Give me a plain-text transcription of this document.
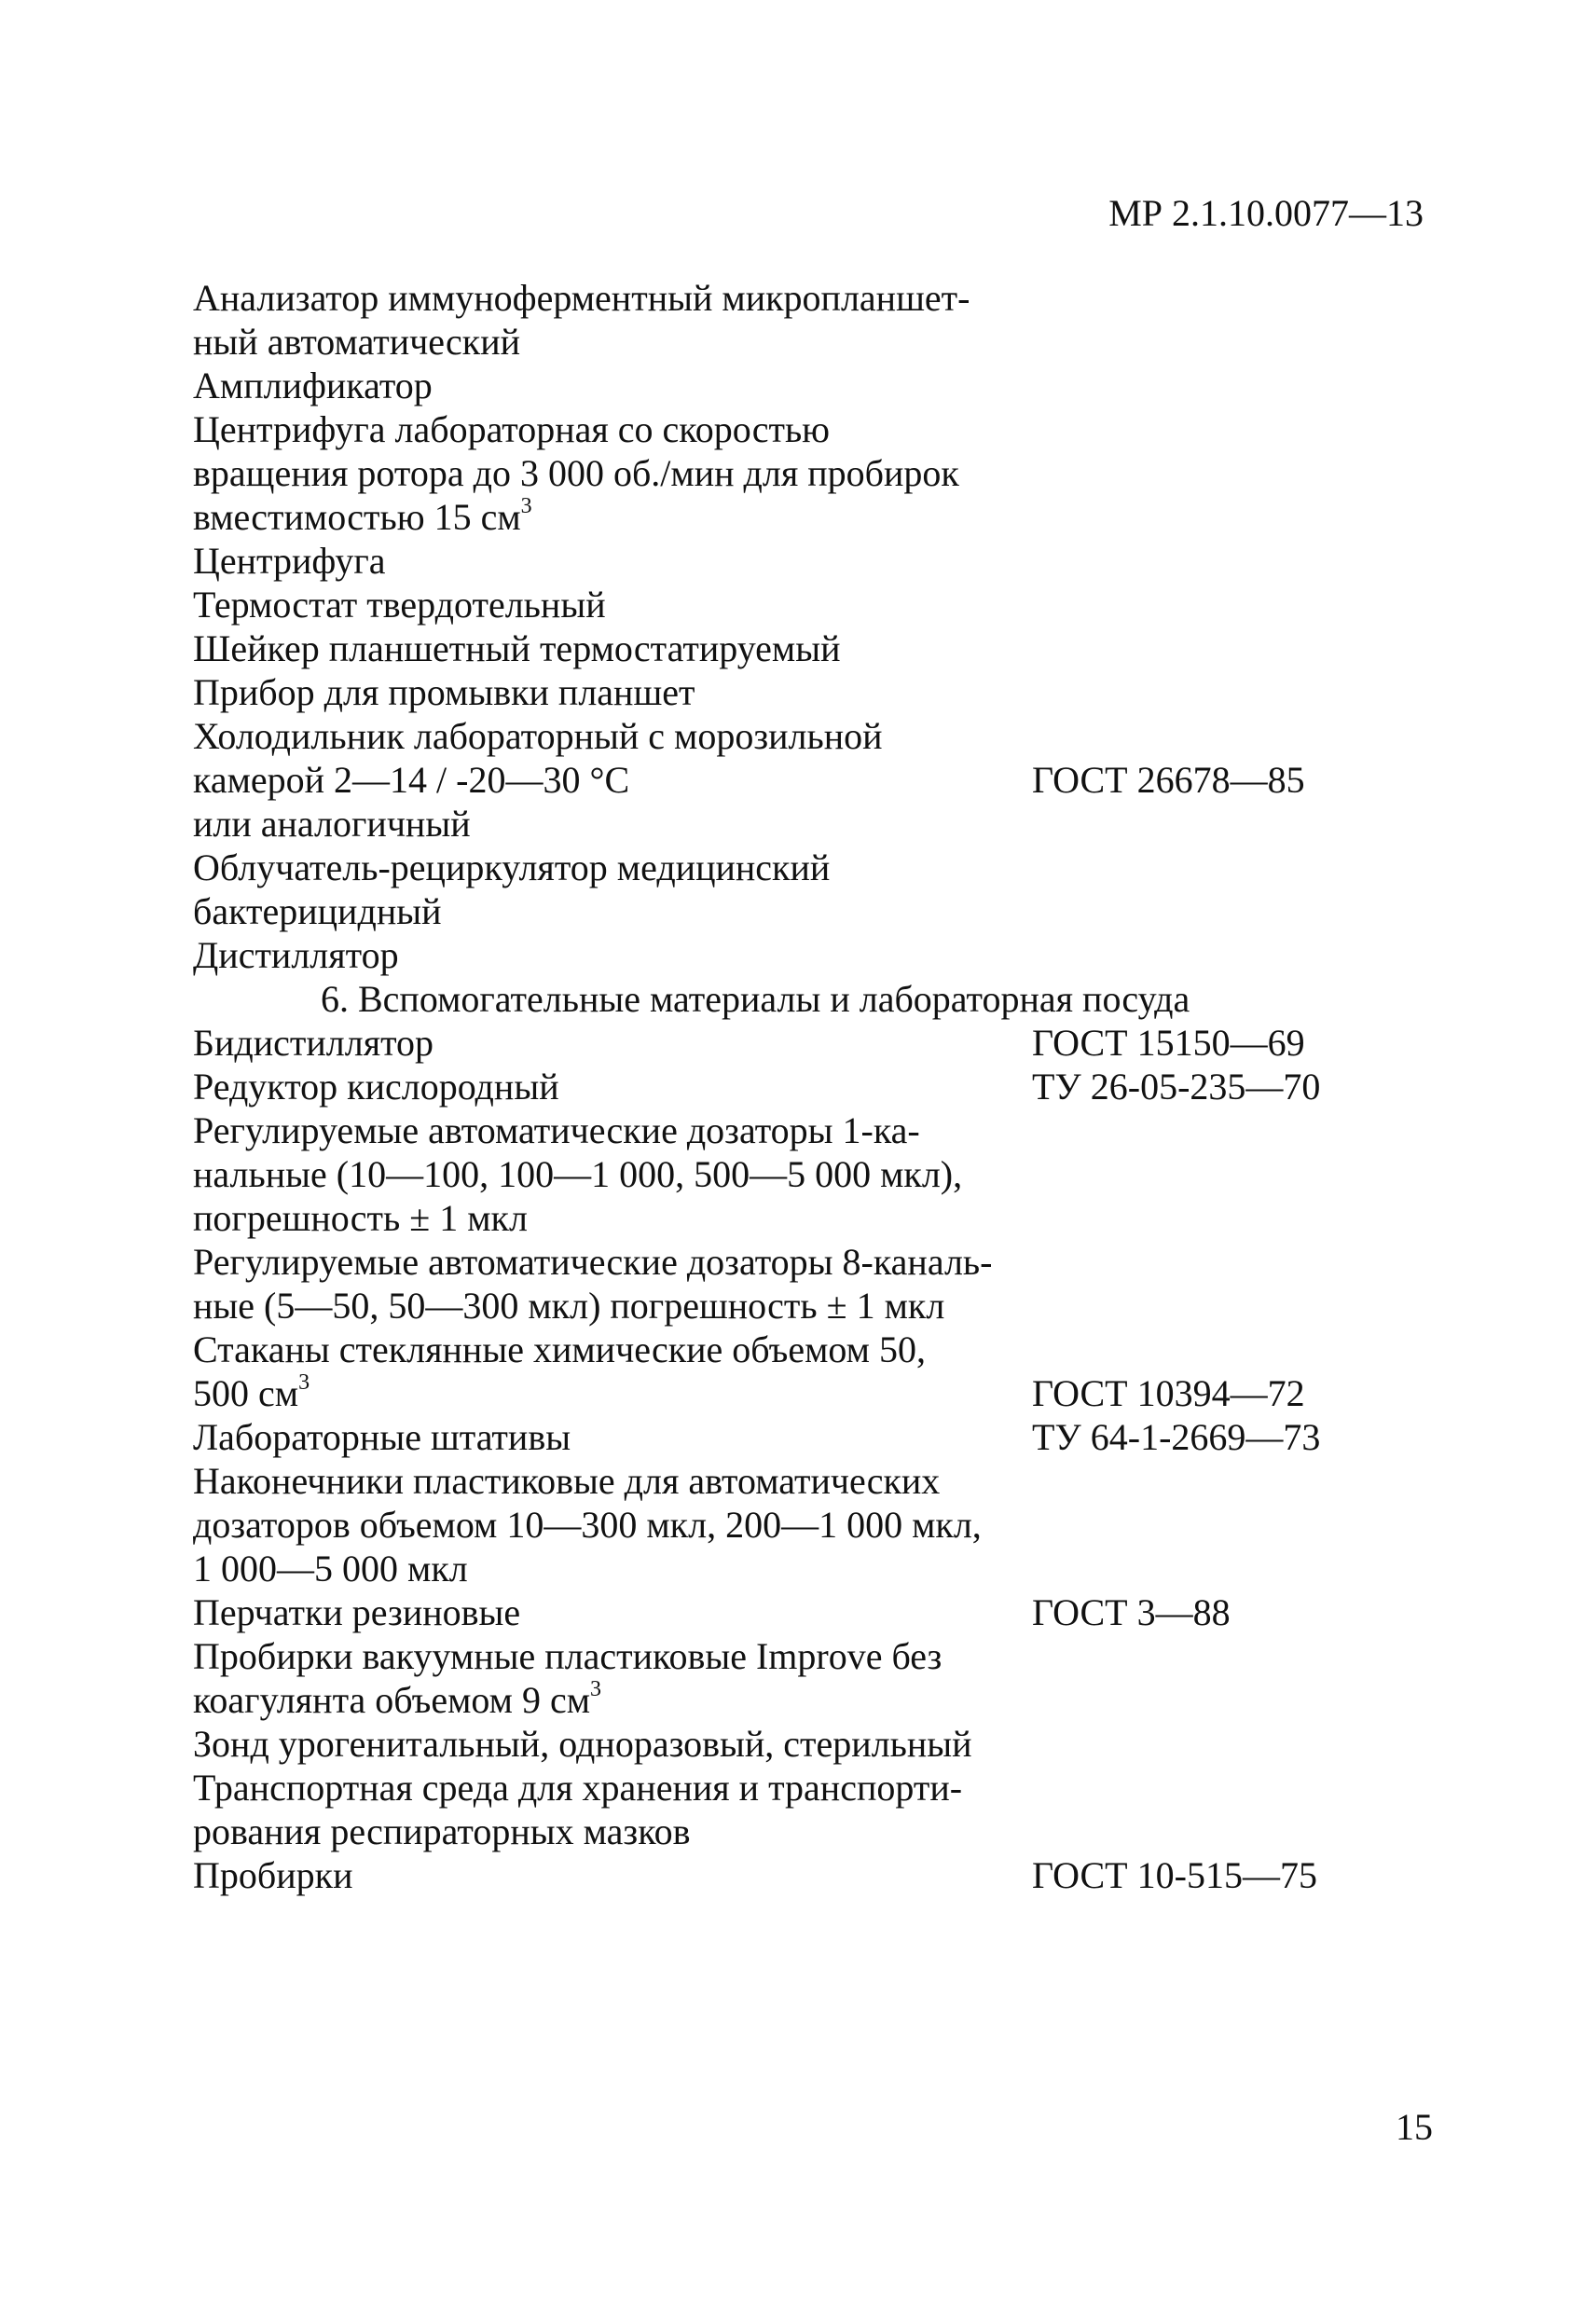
МР 2.1.10.0077—13
Анализатор иммуноферментный микропланшет-
ный автоматический
Амплификатор
Центрифуга лабораторная со скоростью
вращения ротора до 3 000 об./мин для пробирок
вместимостью 15 $см^3$
Центрифуга
Термостат твердотельный
Шейкер планшетный термостатируемый
Прибор для промывки планшет
Холодильник лабораторный с морозильной
камерой 2—14 / -20—30 °С	ГОСТ 26678—85
или аналогичный
Облучатель-рециркулятор медицинский
бактерицидный
Дистиллятор
6. Вспомогательные материалы и лабораторная посуда
Бидистиллятор	ГОСТ 15150—69
Редуктор кислородный	ТУ 26-05-235—70
Регулируемые автоматические дозаторы 1-ка-
нальные (10—100, 100—1 000, 500—5 000 мкл),
погрешность ± 1 мкл
Регулируемые автоматические дозаторы 8-каналь-
ные (5—50, 50—300 мкл) погрешность ± 1 мкл
Стаканы стеклянные химические объемом 50,
500 $см^3$	ГОСТ 10394—72
Лабораторные штативы	ТУ 64-1-2669—73
Наконечники пластиковые для автоматических
дозаторов объемом 10—300 мкл, 200—1 000 мкл,
1 000—5 000 мкл
Перчатки резиновые	ГОСТ 3—88
Пробирки вакуумные пластиковые Improve без
коагулянта объемом 9 $см^3$
Зонд урогенитальный, одноразовый, стерильный
Транспортная среда для хранения и транспорти-
рования респираторных мазков
Пробирки	ГОСТ 10-515—75
15
